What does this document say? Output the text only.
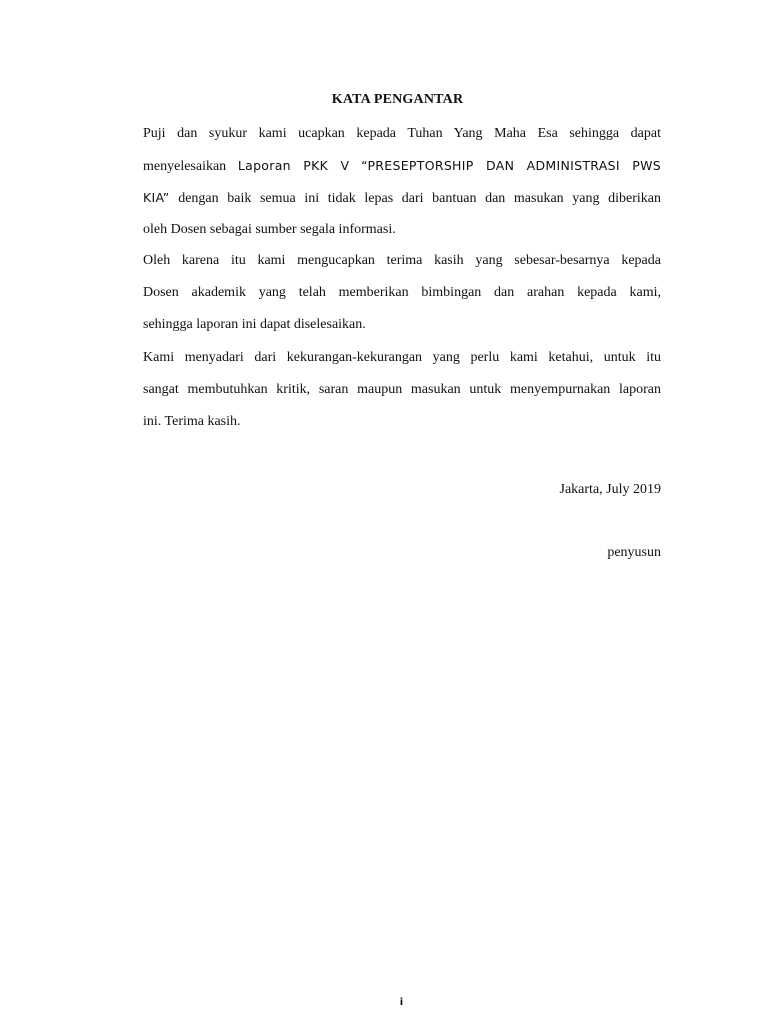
KATA PENGANTAR
Puji dan syukur kami ucapkan kepada Tuhan Yang Maha Esa sehingga dapat
menyelesaikan Laporan PKK V “PRESEPTORSHIP DAN ADMINISTRASI PWS
KIA” dengan baik semua ini tidak lepas dari bantuan dan masukan yang diberikan
oleh Dosen sebagai sumber segala informasi.
Oleh karena itu kami mengucapkan terima kasih yang sebesar-besarnya kepada
Dosen akademik yang telah memberikan bimbingan dan arahan kepada kami,
sehingga laporan ini dapat diselesaikan.
Kami menyadari dari kekurangan-kekurangan yang perlu kami ketahui, untuk itu
sangat membutuhkan kritik, saran maupun masukan untuk menyempurnakan laporan
ini. Terima kasih.
Jakarta, July 2019
penyusun
i
